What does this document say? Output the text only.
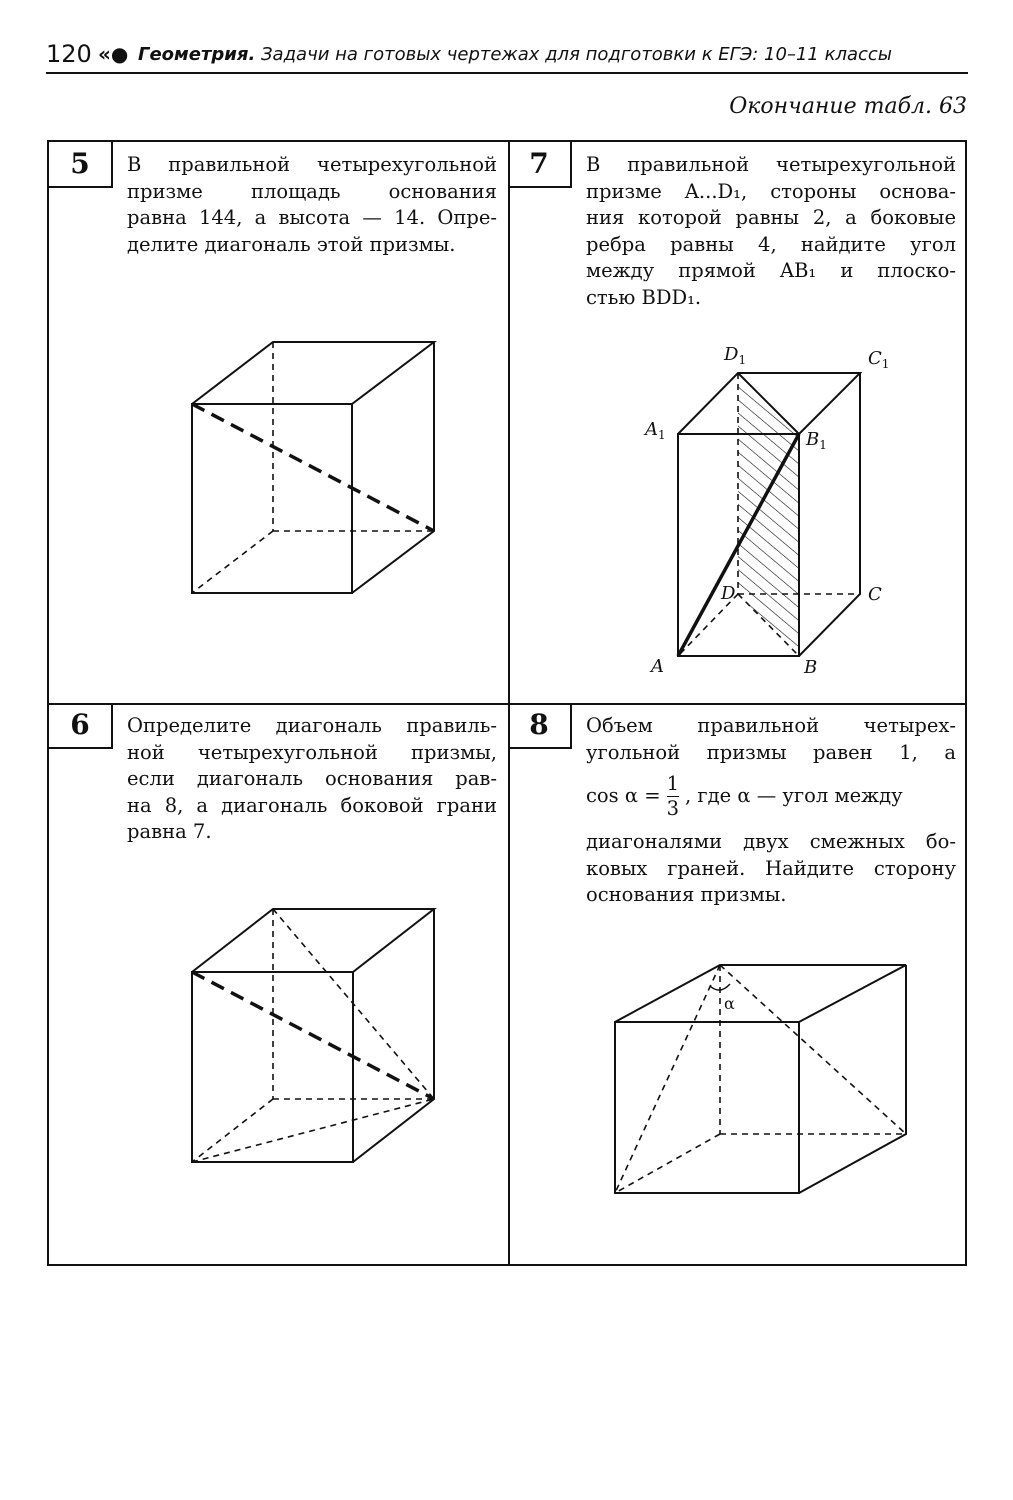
120 «● Геометрия. Задачи на готовых чертежах для подготовки к ЕГЭ: 10–11 классы
Окончание табл. 63
5	В правильной четырехугольной
призме площадь основания
равна 144, а высота — 14. Опре-
делите диагональ этой призмы.
7	В правильной четырехугольной
призме A...D₁, стороны основа-
ния которой равны 2, а боковые
ребра равны 4, найдите угол
между прямой AB₁ и плоско-
стью BDD₁.
$D_1$	$C_1$
$A_1$	$B_1$
D	C
A	B
6	Определите диагональ правиль-
ной четырехугольной призмы,
если диагональ основания рав-
на 8, а диагональ боковой грани
равна 7.
8	Объем правильной четырех-
угольной призмы равен 1, а
$\cos \alpha = \frac{1}{3}$ , где α — угол между
диагоналями двух смежных бо-
ковых граней. Найдите сторону
основания призмы.
α
